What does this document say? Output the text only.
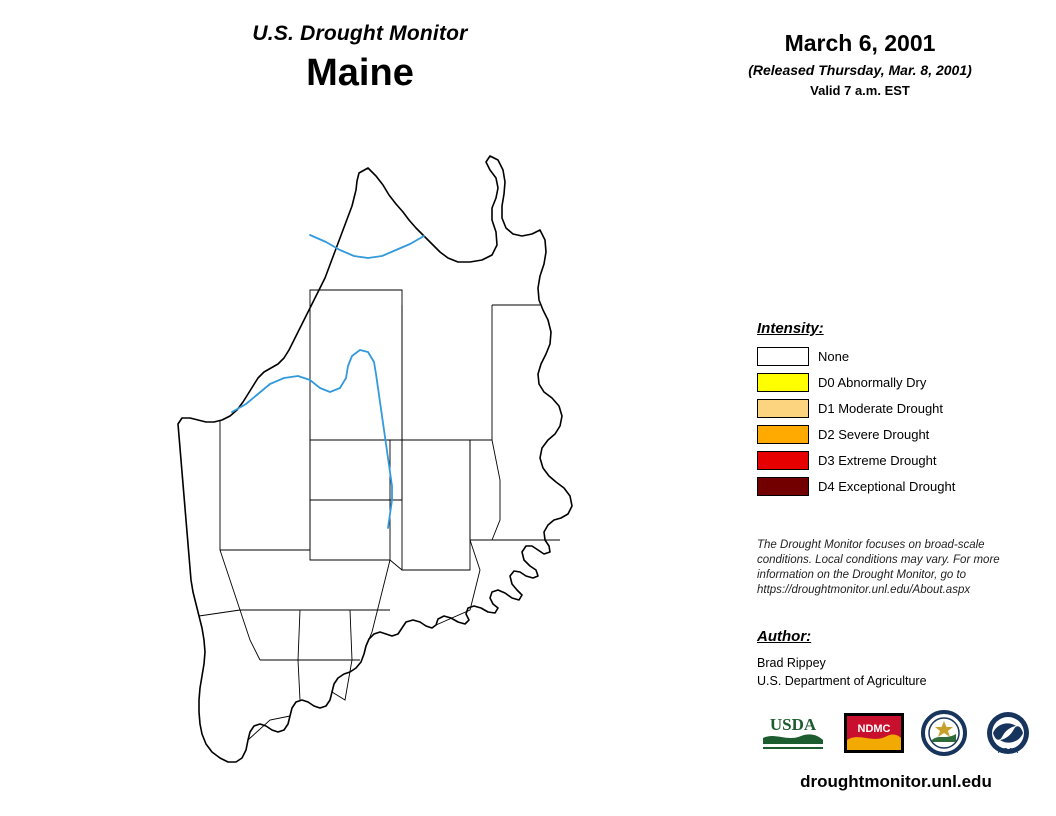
U.S. Drought Monitor
Maine
March 6, 2001
(Released Thursday, Mar. 8, 2001)
Valid 7 a.m. EST
Intensity:
None
D0 Abnormally Dry
D1 Moderate Drought
D2 Severe Drought
D3 Extreme Drought
D4 Exceptional Drought
The Drought Monitor focuses on broad-scale conditions. Local conditions may vary. For more information on the Drought Monitor, go to https://droughtmonitor.unl.edu/About.aspx
Author:
Brad Rippey
U.S. Department of Agriculture
USDA	NDMC
NOAA
droughtmonitor.unl.edu
